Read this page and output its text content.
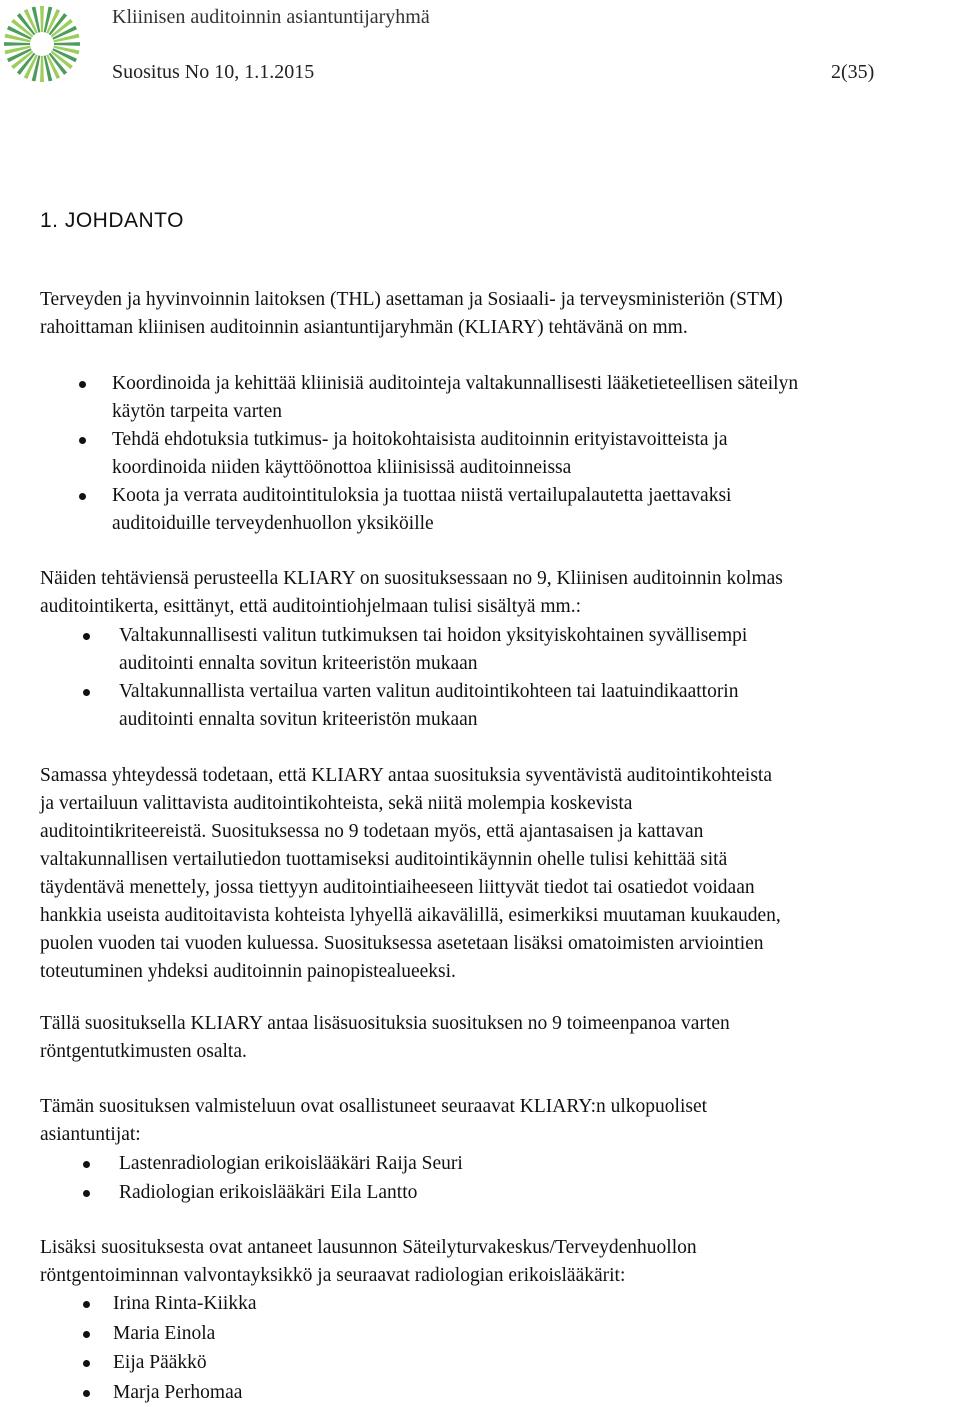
Kliinisen auditoinnin asiantuntijaryhmä
Suositus No 10, 1.1.2015	2(35)
1. JOHDANTO

Terveyden ja hyvinvoinnin laitoksen (THL) asettaman ja Sosiaali- ja terveysministeriön (STM)
rahoittaman kliinisen auditoinnin asiantuntijaryhmän (KLIARY) tehtävänä on mm.

Koordinoida ja kehittää kliinisiä auditointeja valtakunnallisesti lääketieteellisen säteilyn
käytön tarpeita varten
Tehdä ehdotuksia tutkimus- ja hoitokohtaisista auditoinnin erityistavoitteista ja
koordinoida niiden käyttöönottoa kliinisissä auditoinneissa
Koota ja verrata auditointituloksia ja tuottaa niistä vertailupalautetta jaettavaksi
auditoiduille terveydenhuollon yksiköille

Näiden tehtäviensä perusteella KLIARY on suosituksessaan no 9, Kliinisen auditoinnin kolmas
auditointikerta, esittänyt, että auditointiohjelmaan tulisi sisältyä mm.:

Valtakunnallisesti valitun tutkimuksen tai hoidon yksityiskohtainen syvällisempi
auditointi ennalta sovitun kriteeristön mukaan
Valtakunnallista vertailua varten valitun auditointikohteen tai laatuindikaattorin
auditointi ennalta sovitun kriteeristön mukaan

Samassa yhteydessä todetaan, että KLIARY antaa suosituksia syventävistä auditointikohteista
ja vertailuun valittavista auditointikohteista, sekä niitä molempia koskevista
auditointikriteereistä. Suosituksessa no 9 todetaan myös, että ajantasaisen ja kattavan
valtakunnallisen vertailutiedon tuottamiseksi auditointikäynnin ohelle tulisi kehittää sitä
täydentävä menettely, jossa tiettyyn auditointiaiheeseen liittyvät tiedot tai osatiedot voidaan
hankkia useista auditoitavista kohteista lyhyellä aikavälillä, esimerkiksi muutaman kuukauden,
puolen vuoden tai vuoden kuluessa. Suosituksessa asetetaan lisäksi omatoimisten arviointien
toteutuminen yhdeksi auditoinnin painopistealueeksi.

Tällä suosituksella KLIARY antaa lisäsuosituksia suosituksen no 9 toimeenpanoa varten
röntgentutkimusten osalta.

Tämän suosituksen valmisteluun ovat osallistuneet seuraavat KLIARY:n ulkopuoliset
asiantuntijat:

Lastenradiologian erikoislääkäri Raija Seuri
Radiologian erikoislääkäri Eila Lantto

Lisäksi suosituksesta ovat antaneet lausunnon Säteilyturvakeskus/Terveydenhuollon
röntgentoiminnan valvontayksikkö ja seuraavat radiologian erikoislääkärit:

Irina Rinta-Kiikka
Maria Einola
Eija Pääkkö
Marja Perhomaa
